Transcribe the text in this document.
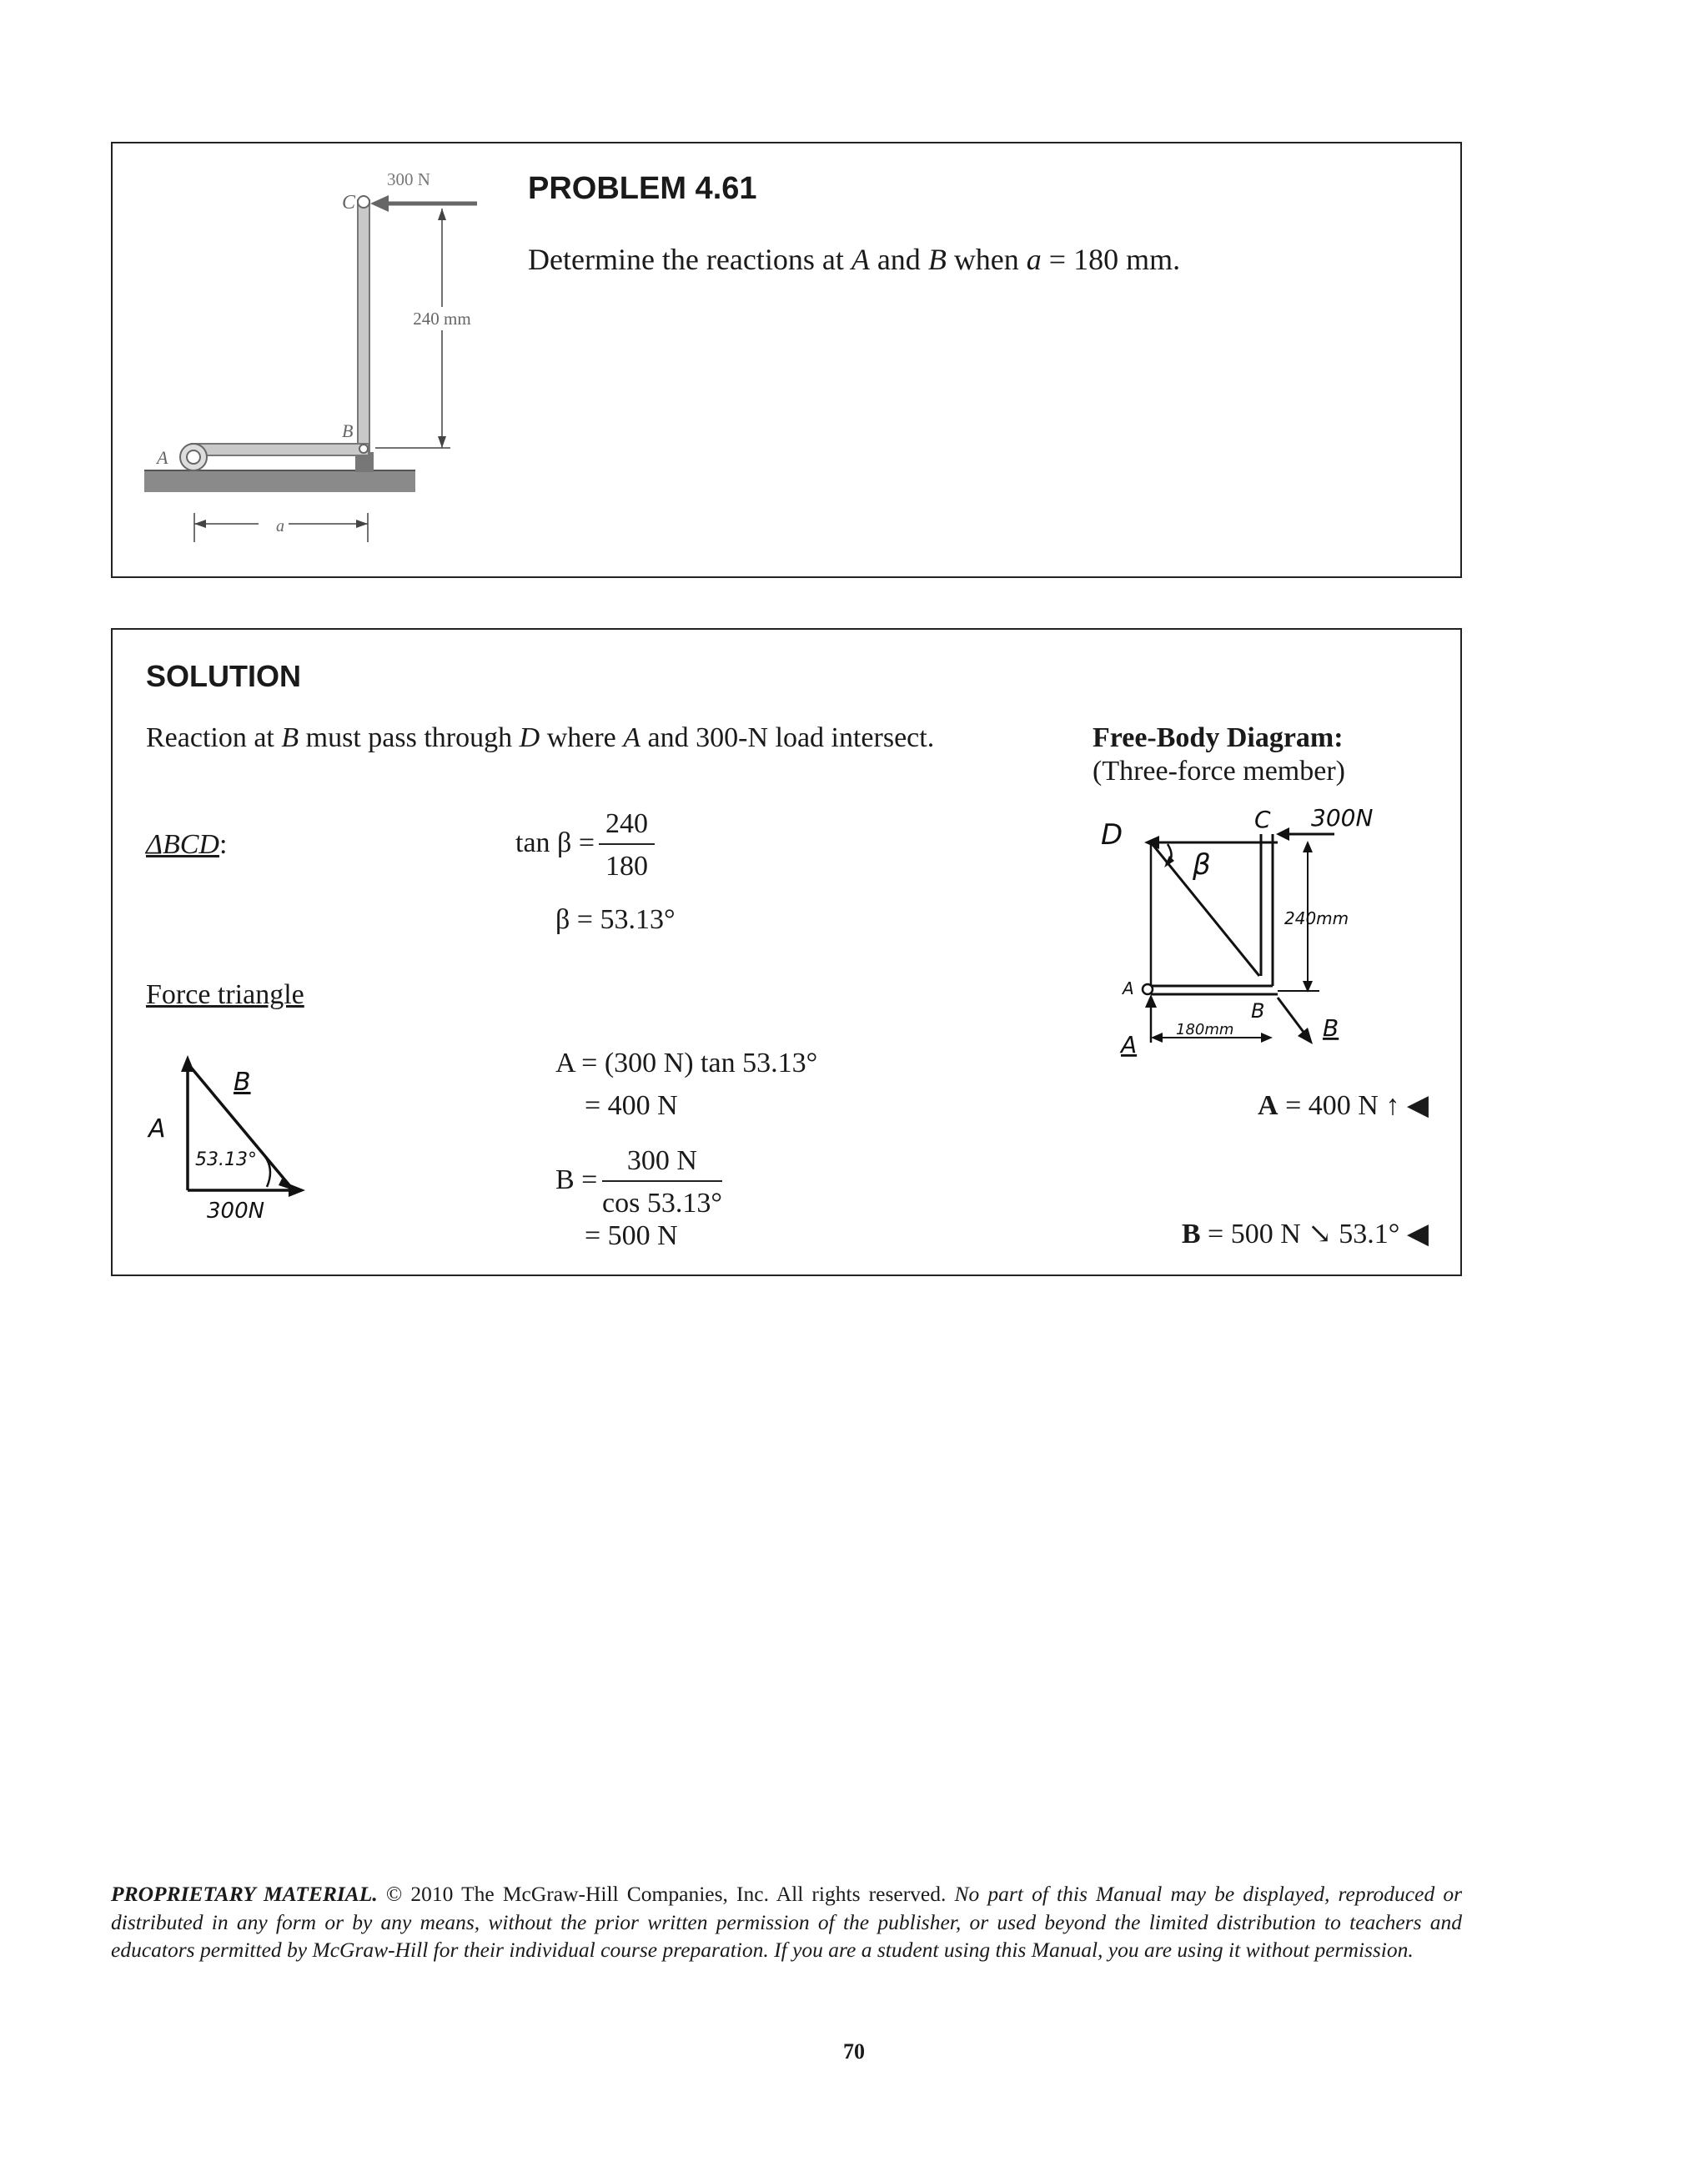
300 N
C
240 mm
B
A
a
PROBLEM 4.61
Determine the reactions at A and B when a = 180 mm.
SOLUTION
Reaction at B must pass through D where A and 300-N load intersect.
ΔBCD:	$\tan \beta = \frac{240}{180}$
β = 53.13°
Force triangle
B
A
53.13°
300N
A = (300 N) tan 53.13°
= 400 N
$B = \frac{300 N}{\cos 53.13^\circ}$
= 500 N
Free-Body Diagram:
(Three-force member)
D	C 300N
β
240mm
A
B
A
B
180mm
A = 400 N ↑ ◀
B = 500 N ↘ 53.1° ◀
PROPRIETARY MATERIAL. © 2010 The McGraw-Hill Companies, Inc. All rights reserved. No part of this Manual may be displayed, reproduced or distributed in any form or by any means, without the prior written permission of the publisher, or used beyond the limited distribution to teachers and educators permitted by McGraw-Hill for their individual course preparation. If you are a student using this Manual, you are using it without permission.
70
